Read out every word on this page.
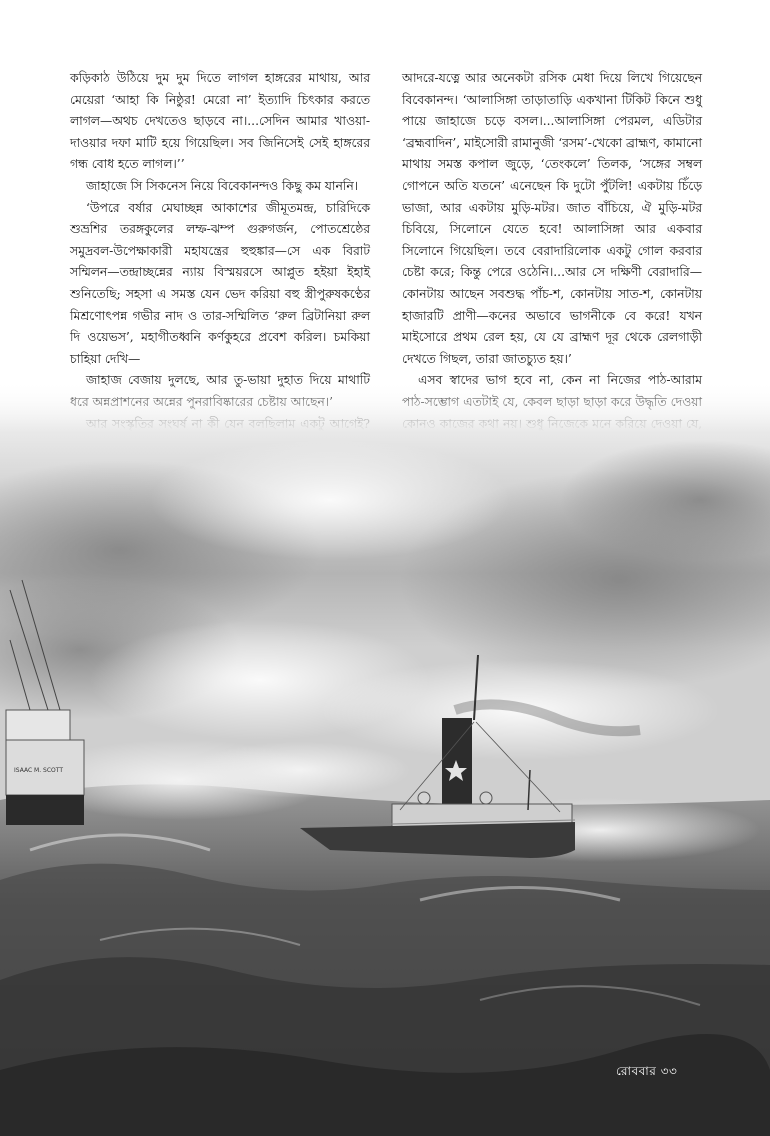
কড়িকাঠ উঠিয়ে দুম দুম দিতে লাগল হাঙ্গরের মাথায়, আর মেয়েরা ‘আহা কি নিষ্ঠুর! মেরো না’ ইত্যাদি চিৎকার করতে লাগল—অথচ দেখতেও ছাড়বে না।...সেদিন আমার খাওয়া-দাওয়ার দফা মাটি হয়ে গিয়েছিল। সব জিনিসেই সেই হাঙ্গরের গন্ধ বোধ হতে লাগল।’’

জাহাজে সি সিকনেস নিয়ে বিবেকানন্দও কিছু কম যাননি।

‘উপরে বর্ষার মেঘাচ্ছন্ন আকাশের জীমূতমন্দ্র, চারিদিকে শুভ্রশির তরঙ্গকুলের লম্ফ-ঝম্প গুরুগর্জন, পোতশ্রেষ্ঠের সমুদ্রবল-উপেক্ষাকারী মহাযন্ত্রের হুহুঙ্কার—সে এক বিরাট সম্মিলন—তন্দ্রাচ্ছন্নের ন্যায় বিস্ময়রসে আপ্লুত হইয়া ইহাই শুনিতেছি; সহসা এ সমস্ত যেন ভেদ করিয়া বহু স্ত্রীপুরুষকণ্ঠের মিশ্রণোৎপন্ন গভীর নাদ ও তার-সম্মিলিত ‘রুল ব্রিটানিয়া রুল দি ওয়েভস’, মহাগীতধ্বনি কর্ণকুহরে প্রবেশ করিল। চমকিয়া চাহিয়া দেখি—

আদরে-যত্নে আর অনেকটা রসিক মেধা দিয়ে লিখে গিয়েছেন বিবেকানন্দ। ‘আলাসিঙ্গা তাড়াতাড়ি একখানা টিকিট কিনে শুধু পায়ে জাহাজে চড়ে বসল।...আলাসিঙ্গা পেরমল, এডিটার ‘ব্রহ্মবাদিন’, মাইসোরী রামানুজী ‘রসম’-খেকো ব্রাহ্মণ, কামানো মাথায় সমস্ত কপাল জুড়ে, ‘তেংকলে’ তিলক, ‘সঙ্গের সম্বল গোপনে অতি যতনে’ এনেছেন কি দুটো পুঁটলি! একটায় চিঁড়ে ভাজা, আর একটায় মুড়ি-মটর। জাত বাঁচিয়ে, ঐ মুড়ি-মটর চিবিয়ে, সিলোনে যেতে হবে! আলাসিঙ্গা আর একবার সিলোনে গিয়েছিল। তবে বেরাদারিলোক একটু গোল করবার চেষ্টা করে; কিন্তু পেরে ওঠেনি।...আর সে দক্ষিণী বেরাদারি—কোনটায় আছেন সবশুদ্ধ পাঁচ-শ, কোনটায় সাত-শ, কোনটায় হাজারটি প্রাণী—কনের অভাবে ভাগনীকে বে করে! যখন মাইসোরে প্রথম রেল হয়, যে যে ব্রাহ্মণ দূর থেকে রেলগাড়ী দেখতে গিছল, তারা জাতচ্যুত হয়।’

ISAAC M. SCOTT
রোববার ৩৩
